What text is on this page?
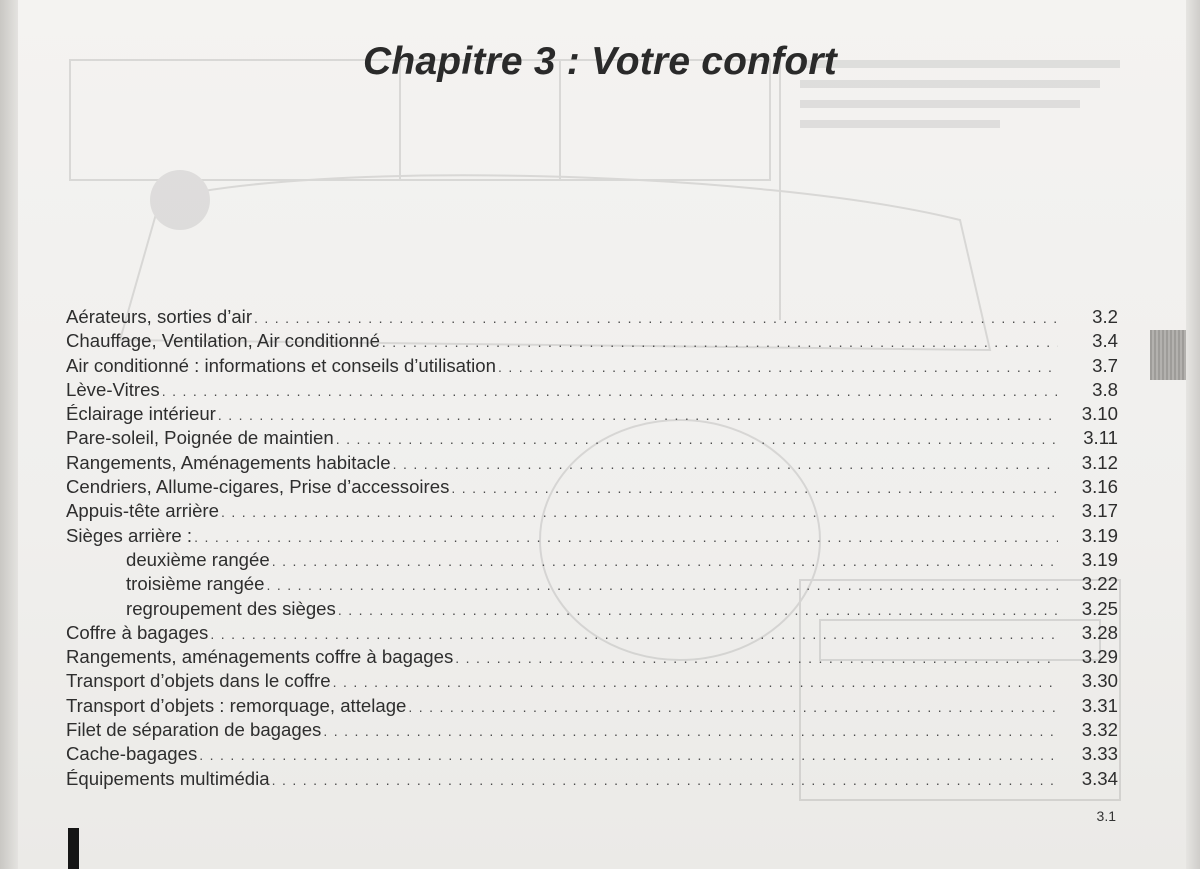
Chapitre 3 : Votre confort
Aérateurs, sorties d’air . . .	3.2
Chauffage, Ventilation, Air conditionné . . .	3.4
Air conditionné : informations et conseils d’utilisation . . .	3.7
Lève-Vitres . . .	3.8
Éclairage intérieur . . .	3.10
Pare-soleil, Poignée de maintien . . .	3.11
Rangements, Aménagements habitacle . . .	3.12
Cendriers, Allume-cigares, Prise d’accessoires . . .	3.16
Appuis-tête arrière . . .	3.17
Sièges arrière : . . .	3.19
deuxième rangée . . .	3.19
troisième rangée . . .	3.22
regroupement des sièges . . .	3.25
Coffre à bagages . . .	3.28
Rangements, aménagements coffre à bagages . . .	3.29
Transport d’objets dans le coffre . . .	3.30
Transport d’objets : remorquage, attelage . . .	3.31
Filet de séparation de bagages . . .	3.32
Cache-bagages . . .	3.33
Équipements multimédia . . .	3.34
3.1
